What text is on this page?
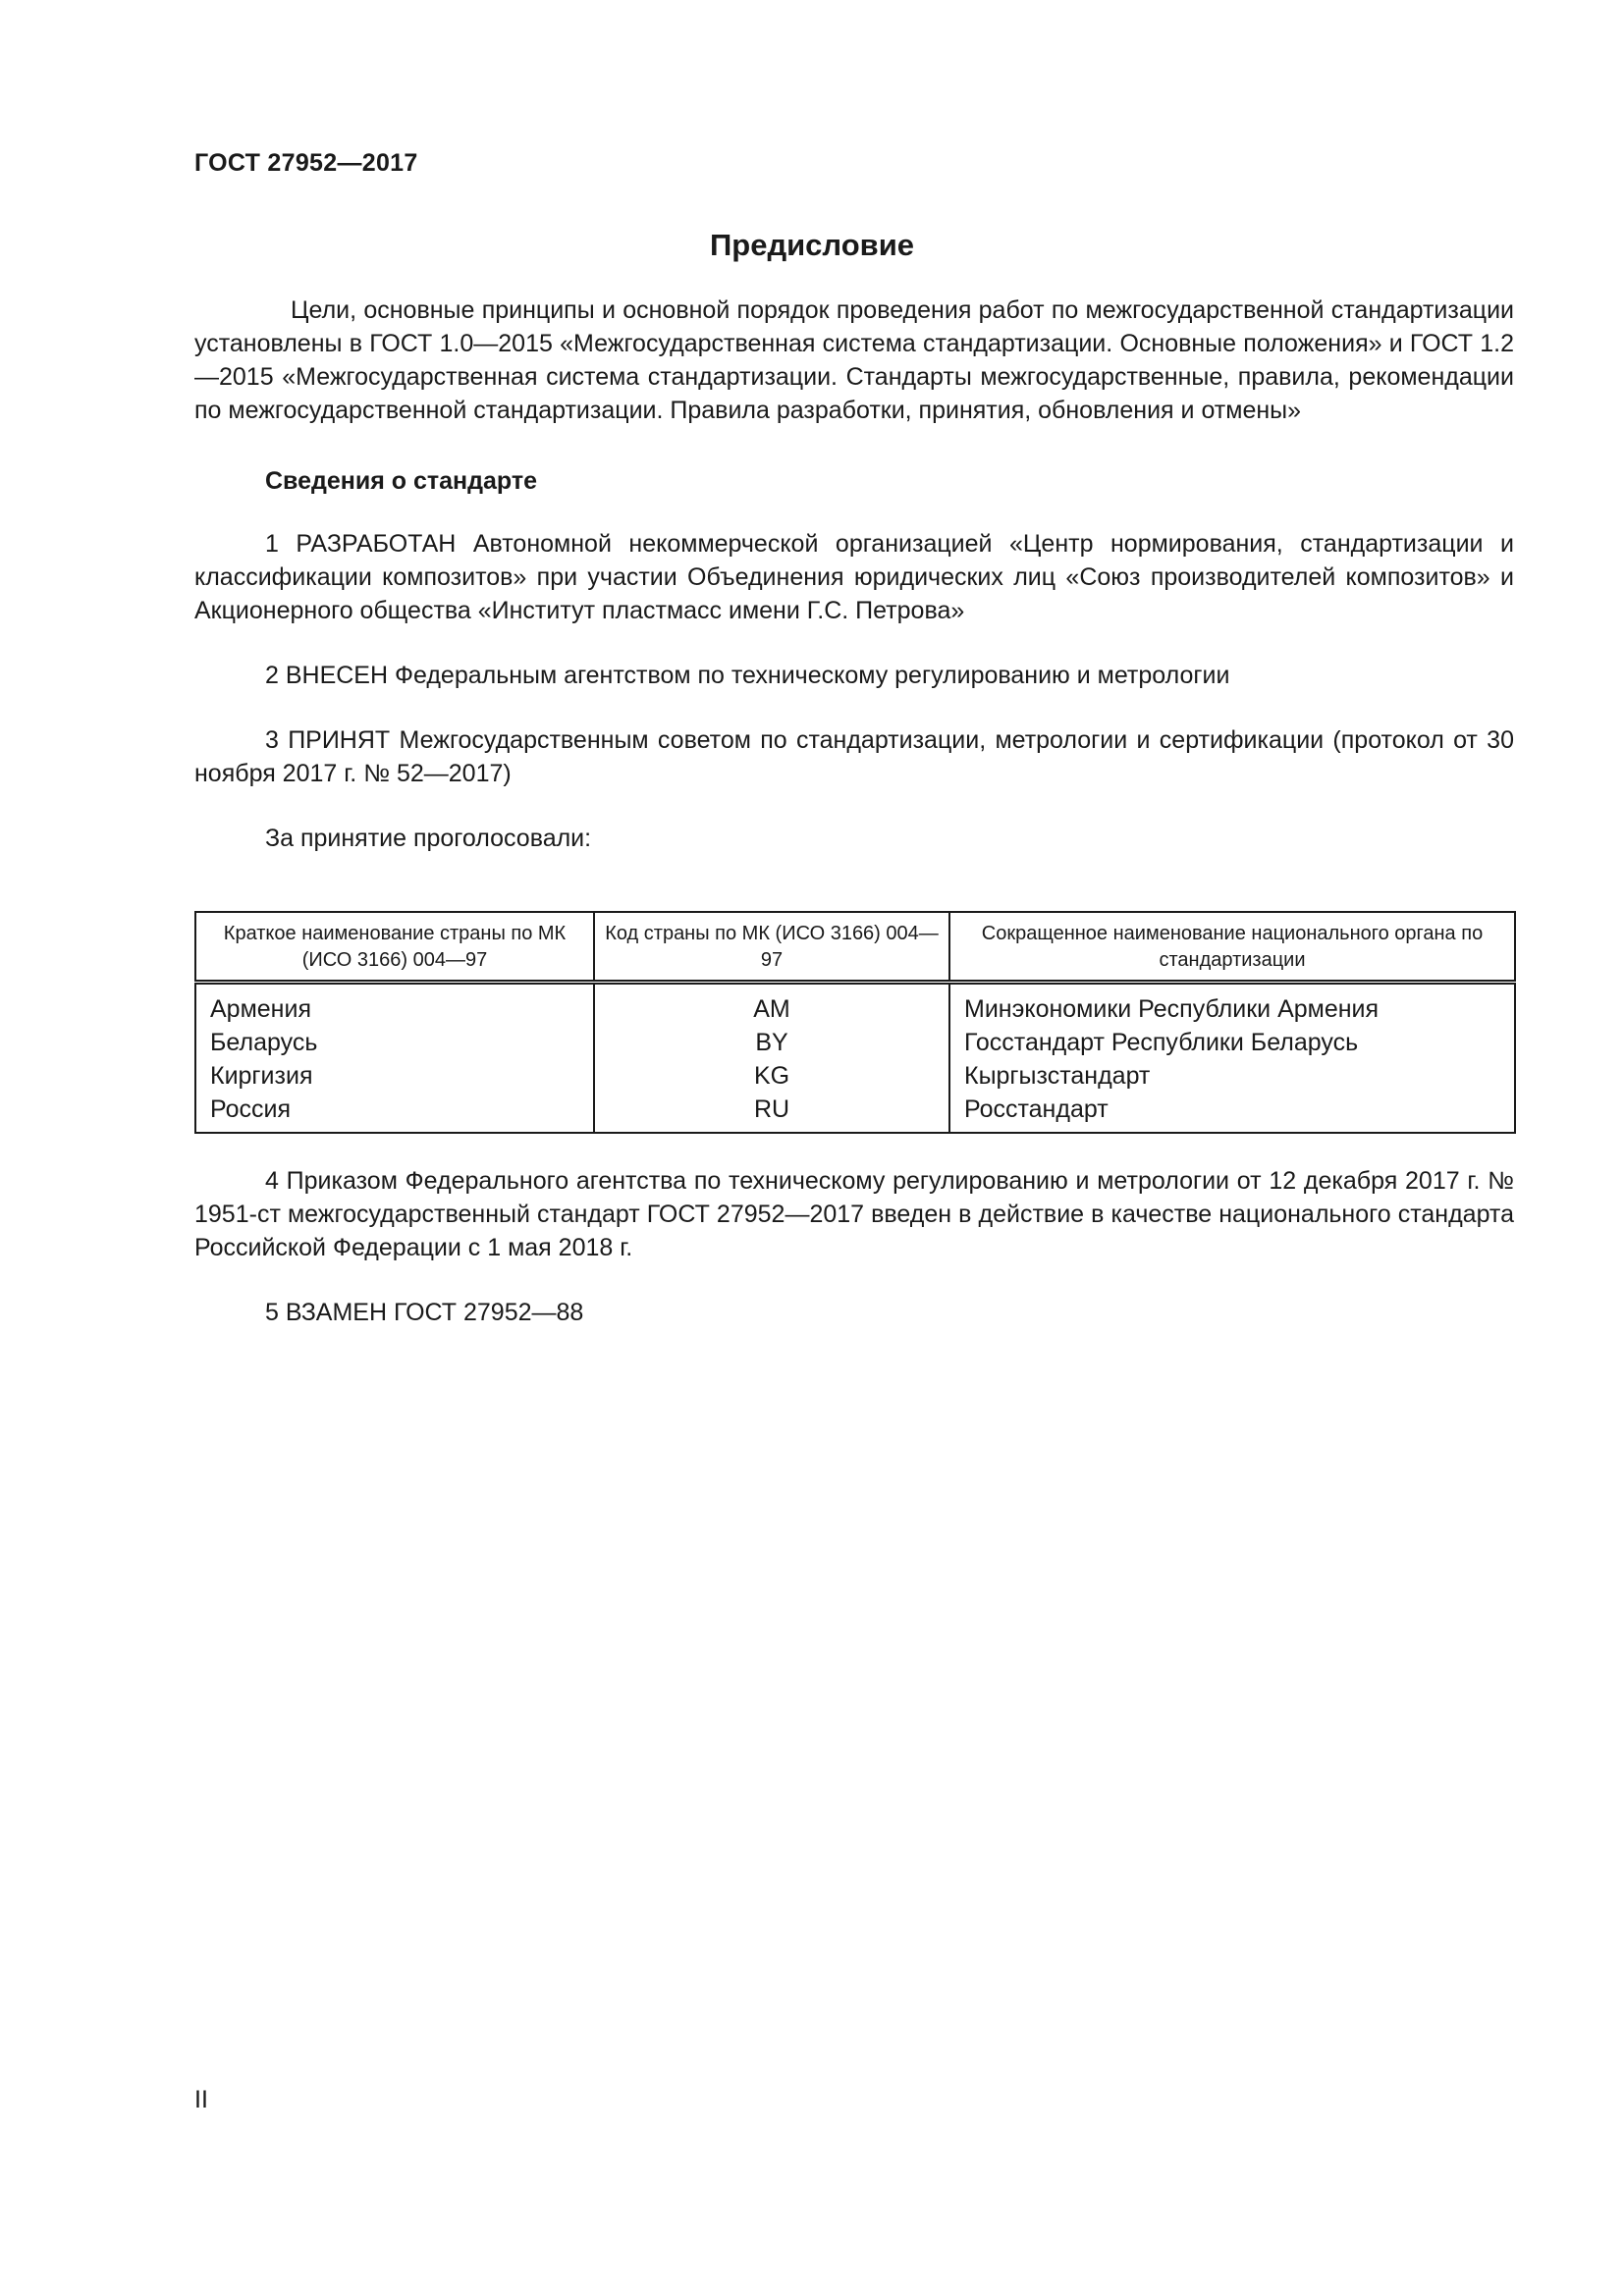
ГОСТ 27952—2017
Предисловие

Цели, основные принципы и основной порядок проведения работ по межгосударственной стандартизации установлены в ГОСТ 1.0—2015 «Межгосударственная система стандартизации. Основные положения» и ГОСТ 1.2—2015 «Межгосударственная система стандартизации. Стандарты межгосударственные, правила, рекомендации по межгосударственной стандартизации. Правила разработки, принятия, обновления и отмены»

Сведения о стандарте

1 РАЗРАБОТАН Автономной некоммерческой организацией «Центр нормирования, стандартизации и классификации композитов» при участии Объединения юридических лиц «Союз производителей композитов» и Акционерного общества «Институт пластмасс имени Г.С. Петрова»

2 ВНЕСЕН Федеральным агентством по техническому регулированию и метрологии

3 ПРИНЯТ Межгосударственным советом по стандартизации, метрологии и сертификации (протокол от 30 ноября 2017 г. № 52—2017)

За принятие проголосовали:

Краткое наименование страны по МК (ИСО 3166) 004—97	Код страны по МК (ИСО 3166) 004—97	Сокращенное наименование национального органа по стандартизации
Армения	AM	Минэкономики Республики Армения
Беларусь	BY	Госстандарт Республики Беларусь
Киргизия	KG	Кыргызстандарт
Россия	RU	Росстандарт

4 Приказом Федерального агентства по техническому регулированию и метрологии от 12 декабря 2017 г. № 1951-ст межгосударственный стандарт ГОСТ 27952—2017 введен в действие в качестве национального стандарта Российской Федерации с 1 мая 2018 г.

5 ВЗАМЕН ГОСТ 27952—88

II
